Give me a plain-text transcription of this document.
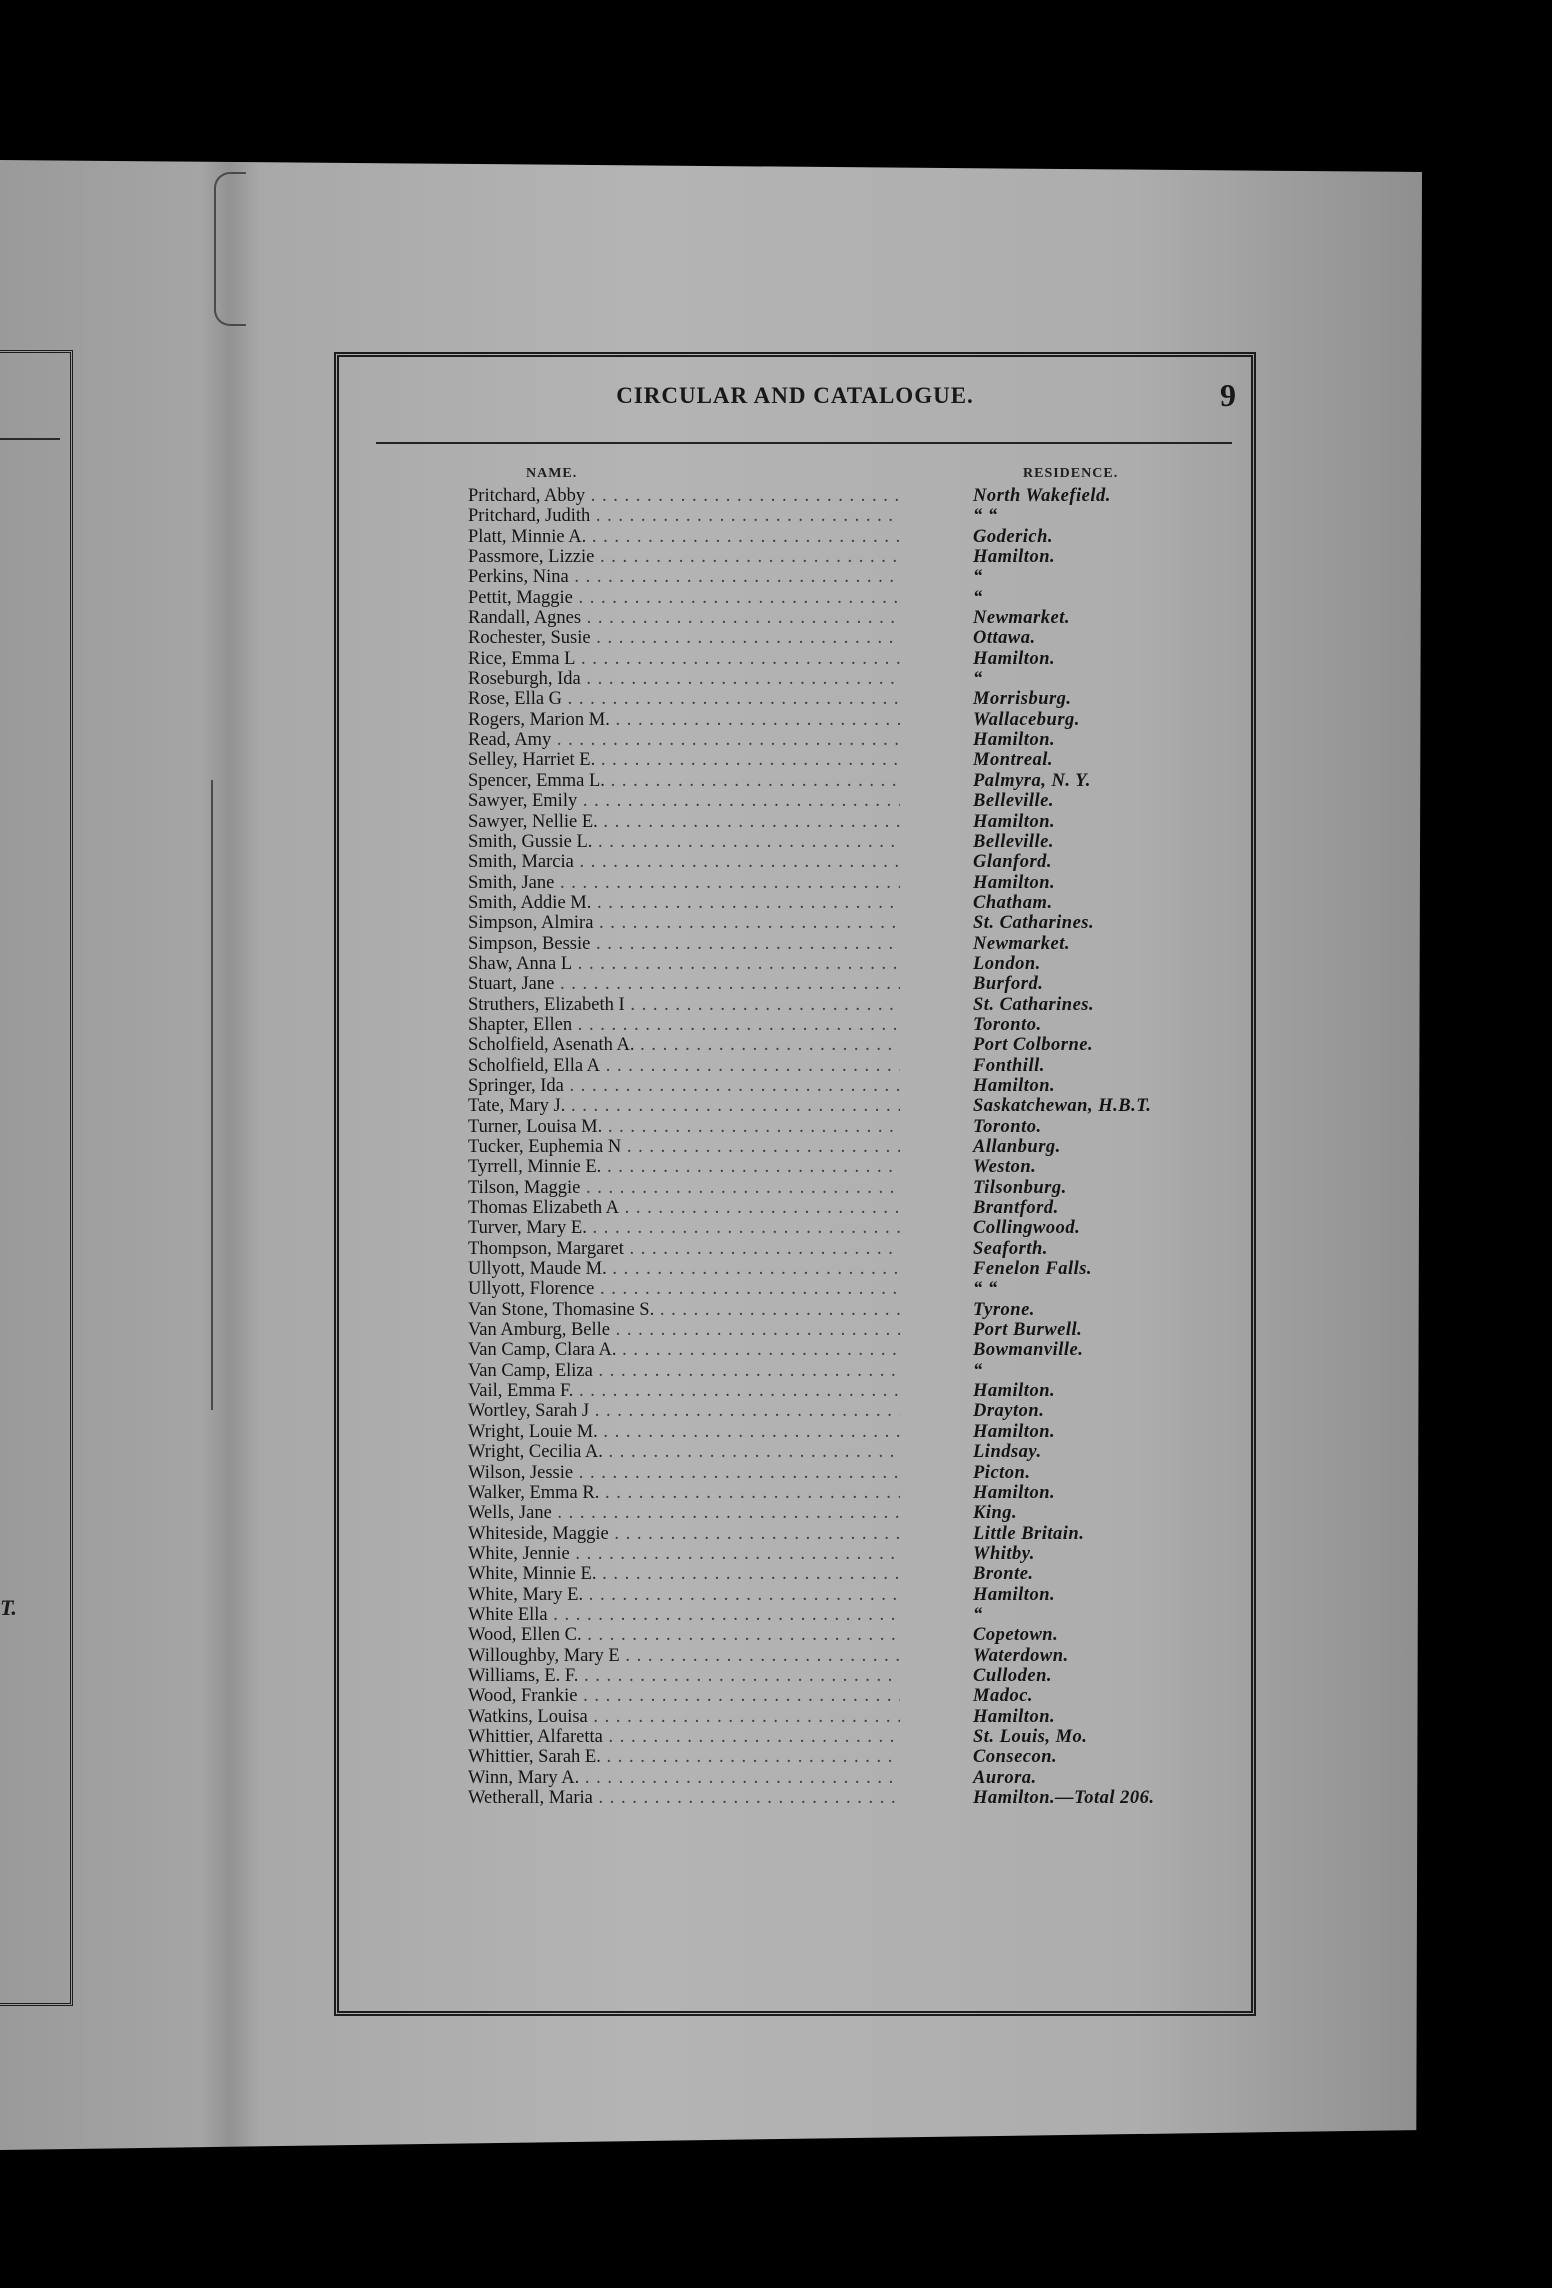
T.
CIRCULAR AND CATALOGUE.	9
NAME.	RESIDENCE.
Pritchard, Abby . . .	North Wakefield.
Pritchard, Judith . . .	“ “
Platt, Minnie A. . . .	Goderich.
Passmore, Lizzie . . .	Hamilton.
Perkins, Nina . . .	“
Pettit, Maggie . . .	“
Randall, Agnes . . .	Newmarket.
Rochester, Susie . . .	Ottawa.
Rice, Emma L . . .	Hamilton.
Roseburgh, Ida . . .	“
Rose, Ella G . . .	Morrisburg.
Rogers, Marion M. . . .	Wallaceburg.
Read, Amy . . .	Hamilton.
Selley, Harriet E. . . .	Montreal.
Spencer, Emma L. . . .	Palmyra, N. Y.
Sawyer, Emily . . .	Belleville.
Sawyer, Nellie E. . . .	Hamilton.
Smith, Gussie L. . . .	Belleville.
Smith, Marcia . . .	Glanford.
Smith, Jane . . .	Hamilton.
Smith, Addie M. . . .	Chatham.
Simpson, Almira . . .	St. Catharines.
Simpson, Bessie . . .	Newmarket.
Shaw, Anna L . . .	London.
Stuart, Jane . . .	Burford.
Struthers, Elizabeth I . . .	St. Catharines.
Shapter, Ellen . . .	Toronto.
Scholfield, Asenath A. . . .	Port Colborne.
Scholfield, Ella A . . .	Fonthill.
Springer, Ida . . .	Hamilton.
Tate, Mary J. . . .	Saskatchewan, H.B.T.
Turner, Louisa M. . . .	Toronto.
Tucker, Euphemia N . . .	Allanburg.
Tyrrell, Minnie E. . . .	Weston.
Tilson, Maggie . . .	Tilsonburg.
Thomas Elizabeth A . . .	Brantford.
Turver, Mary E. . . .	Collingwood.
Thompson, Margaret . . .	Seaforth.
Ullyott, Maude M. . . .	Fenelon Falls.
Ullyott, Florence . . .	“ “
Van Stone, Thomasine S. . . .	Tyrone.
Van Amburg, Belle . . .	Port Burwell.
Van Camp, Clara A. . . .	Bowmanville.
Van Camp, Eliza . . .	“
Vail, Emma F. . . .	Hamilton.
Wortley, Sarah J . . .	Drayton.
Wright, Louie M. . . .	Hamilton.
Wright, Cecilia A. . . .	Lindsay.
Wilson, Jessie . . .	Picton.
Walker, Emma R. . . .	Hamilton.
Wells, Jane . . .	King.
Whiteside, Maggie . . .	Little Britain.
White, Jennie . . .	Whitby.
White, Minnie E. . . .	Bronte.
White, Mary E. . . .	Hamilton.
White Ella . . .	“
Wood, Ellen C. . . .	Copetown.
Willoughby, Mary E . . .	Waterdown.
Williams, E. F. . . .	Culloden.
Wood, Frankie . . .	Madoc.
Watkins, Louisa . . .	Hamilton.
Whittier, Alfaretta . . .	St. Louis, Mo.
Whittier, Sarah E. . . .	Consecon.
Winn, Mary A. . . .	Aurora.
Wetherall, Maria . . .	Hamilton.—Total 206.
